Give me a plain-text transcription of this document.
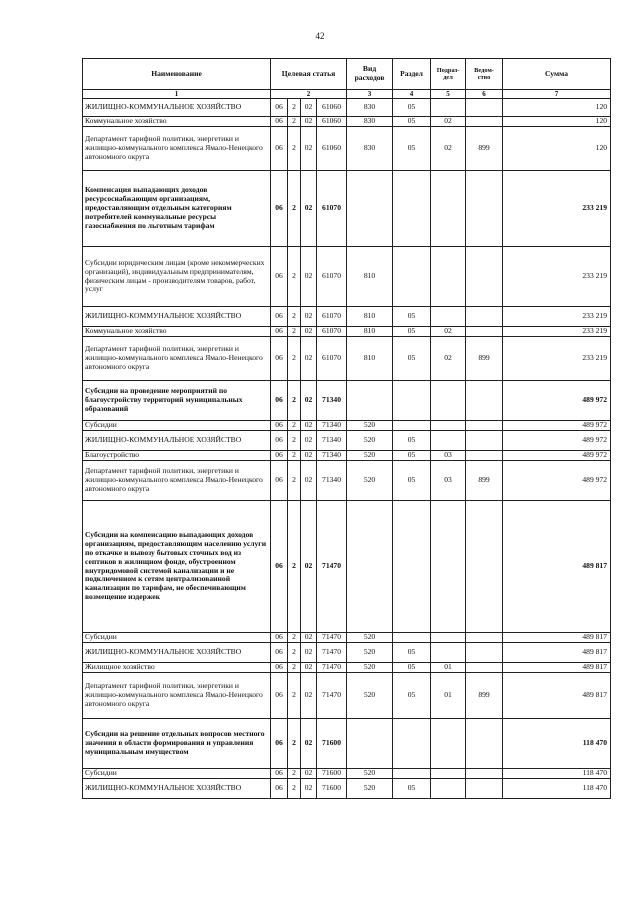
42
Наименование	Целевая статья				Вид расходов	Раздел	Подраз-дел	Ведом-ство	Сумма
1	2				3	4	5	6	7
ЖИЛИЩНО-КОММУНАЛЬНОЕ ХОЗЯЙСТВО	06	2	02	61060	830	05			120
Коммунальное хозяйство	06	2	02	61060	830	05	02		120
Департамент тарифной политики, энергетики и жилищно-коммунального комплекса Ямало-Ненецкого автономного округа	06	2	02	61060	830	05	02	899	120
Компенсация выпадающих доходов ресурсоснабжающим организациям, предоставляющим отдельным категориям потребителей коммунальные ресурсы газоснабжения по льготным тарифам	06	2	02	61070					233 219
Субсидии юридическим лицам (кроме некоммерческих организаций), индивидуальным предпринимателям, физическим лицам - производителям товаров, работ, услуг	06	2	02	61070	810				233 219
ЖИЛИЩНО-КОММУНАЛЬНОЕ ХОЗЯЙСТВО	06	2	02	61070	810	05			233 219
Коммунальное хозяйство	06	2	02	61070	810	05	02		233 219
Департамент тарифной политики, энергетики и жилищно-коммунального комплекса Ямало-Ненецкого автономного округа	06	2	02	61070	810	05	02	899	233 219
Субсидии на проведение мероприятий по благоустройству территорий муниципальных образований	06	2	02	71340					489 972
Субсидии	06	2	02	71340	520				489 972
ЖИЛИЩНО-КОММУНАЛЬНОЕ ХОЗЯЙСТВО	06	2	02	71340	520	05			489 972
Благоустройство	06	2	02	71340	520	05	03		489 972
Департамент тарифной политики, энергетики и жилищно-коммунального комплекса Ямало-Ненецкого автономного округа	06	2	02	71340	520	05	03	899	489 972
Субсидии на компенсацию выпадающих доходов организациям, предоставляющим населению услуги по откачке и вывозу бытовых сточных вод из септиков в жилищном фонде, обустроенном внутридомовой системой канализации и не подключенном к сетям централизованной канализации по тарифам, не обеспечивающим возмещение издержек	06	2	02	71470					489 817
Субсидии	06	2	02	71470	520				489 817
ЖИЛИЩНО-КОММУНАЛЬНОЕ ХОЗЯЙСТВО	06	2	02	71470	520	05			489 817
Жилищное хозяйство	06	2	02	71470	520	05	01		489 817
Департамент тарифной политики, энергетики и жилищно-коммунального комплекса Ямало-Ненецкого автономного округа	06	2	02	71470	520	05	01	899	489 817
Субсидии на решение отдельных вопросов местного значения в области формирования и управления муниципальным имуществом	06	2	02	71600					118 470
Субсидии	06	2	02	71600	520				118 470
ЖИЛИЩНО-КОММУНАЛЬНОЕ ХОЗЯЙСТВО	06	2	02	71600	520	05			118 470
